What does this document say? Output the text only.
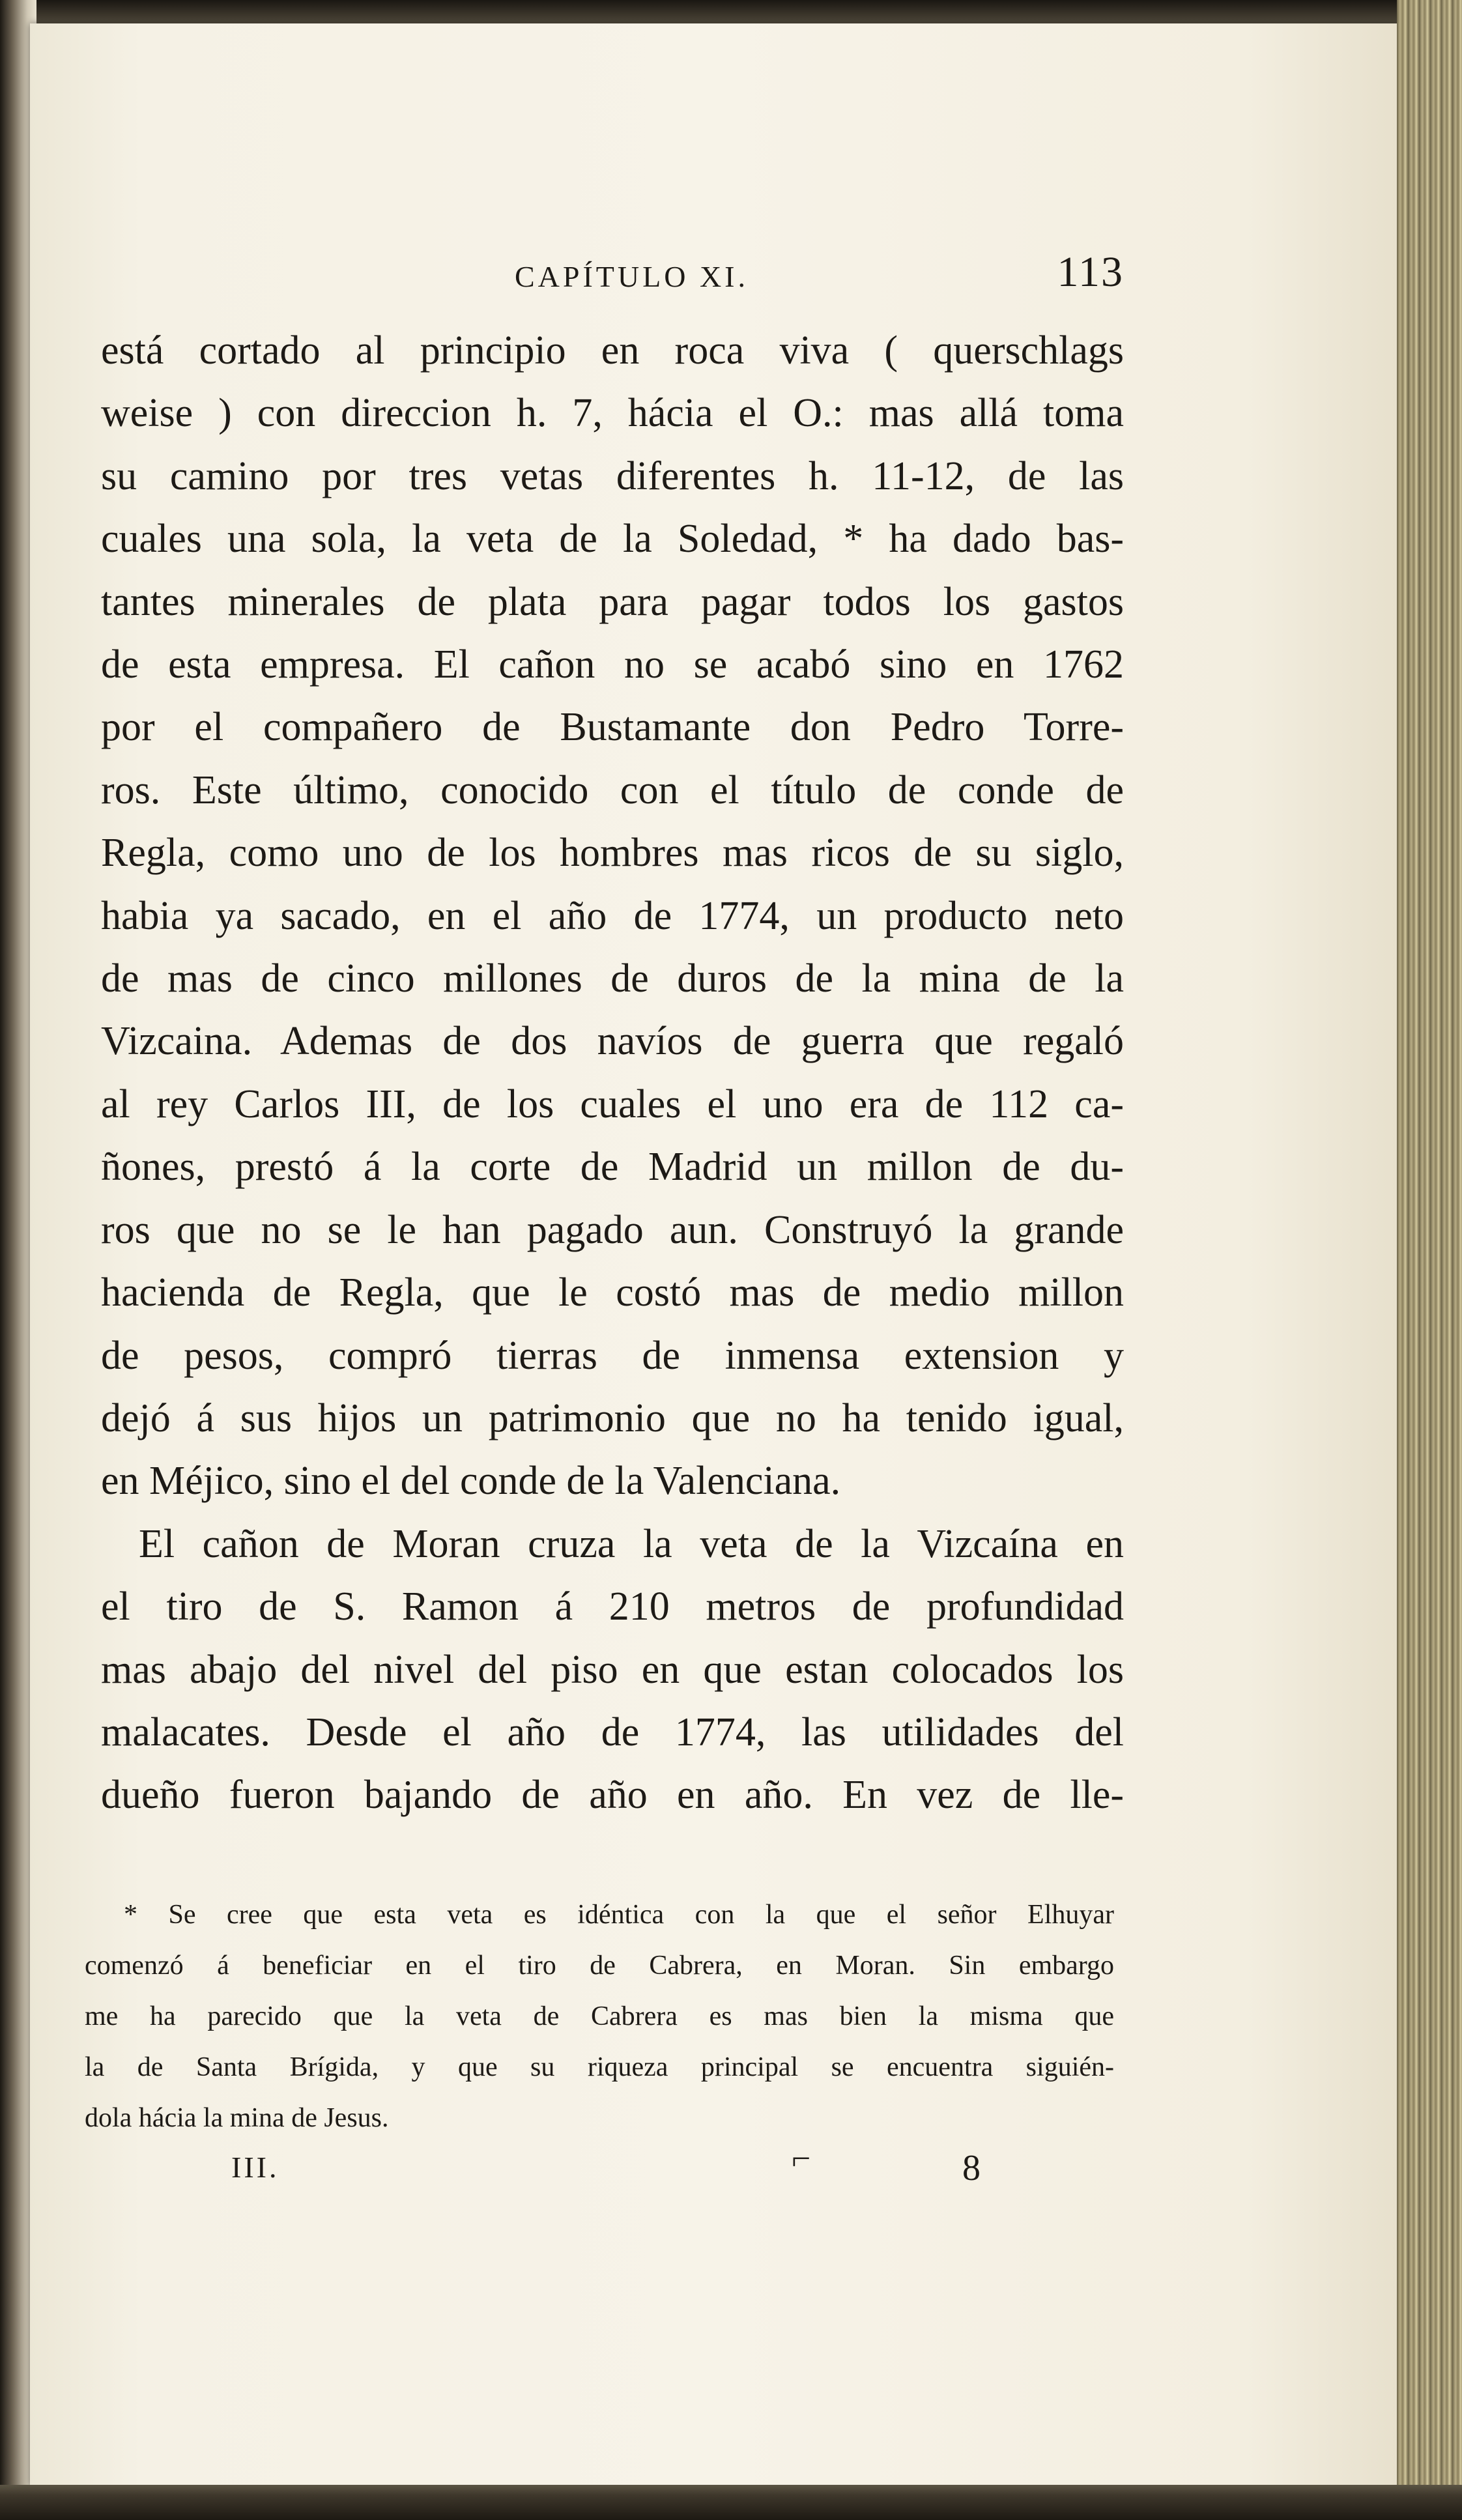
CAPÍTULO XI.	113

está cortado al principio en roca viva ( querschlags

weise ) con direccion h. 7, hácia el O.: mas allá toma

su camino por tres vetas diferentes h. 11-12, de las

cuales una sola, la veta de la Soledad, * ha dado bas-

tantes minerales de plata para pagar todos los gastos

de esta empresa. El cañon no se acabó sino en 1762

por el compañero de Bustamante don Pedro Torre-

ros. Este último, conocido con el título de conde de

Regla, como uno de los hombres mas ricos de su siglo,

habia ya sacado, en el año de 1774, un producto neto

de mas de cinco millones de duros de la mina de la

Vizcaina. Ademas de dos navíos de guerra que regaló

al rey Carlos III, de los cuales el uno era de 112 ca-

ñones, prestó á la corte de Madrid un millon de du-

ros que no se le han pagado aun. Construyó la grande

hacienda de Regla, que le costó mas de medio millon

de pesos, compró tierras de inmensa extension y

dejó á sus hijos un patrimonio que no ha tenido igual,

en Méjico, sino el del conde de la Valenciana.

El cañon de Moran cruza la veta de la Vizcaína en

el tiro de S. Ramon á 210 metros de profundidad

mas abajo del nivel del piso en que estan colocados los

malacates. Desde el año de 1774, las utilidades del

dueño fueron bajando de año en año. En vez de lle-

* Se cree que esta veta es idéntica con la que el señor Elhuyar

comenzó á beneficiar en el tiro de Cabrera, en Moran. Sin embargo

me ha parecido que la veta de Cabrera es mas bien la misma que

la de Santa Brígida, y que su riqueza principal se encuentra siguién-

dola hácia la mina de Jesus.

III.	⌐	8
